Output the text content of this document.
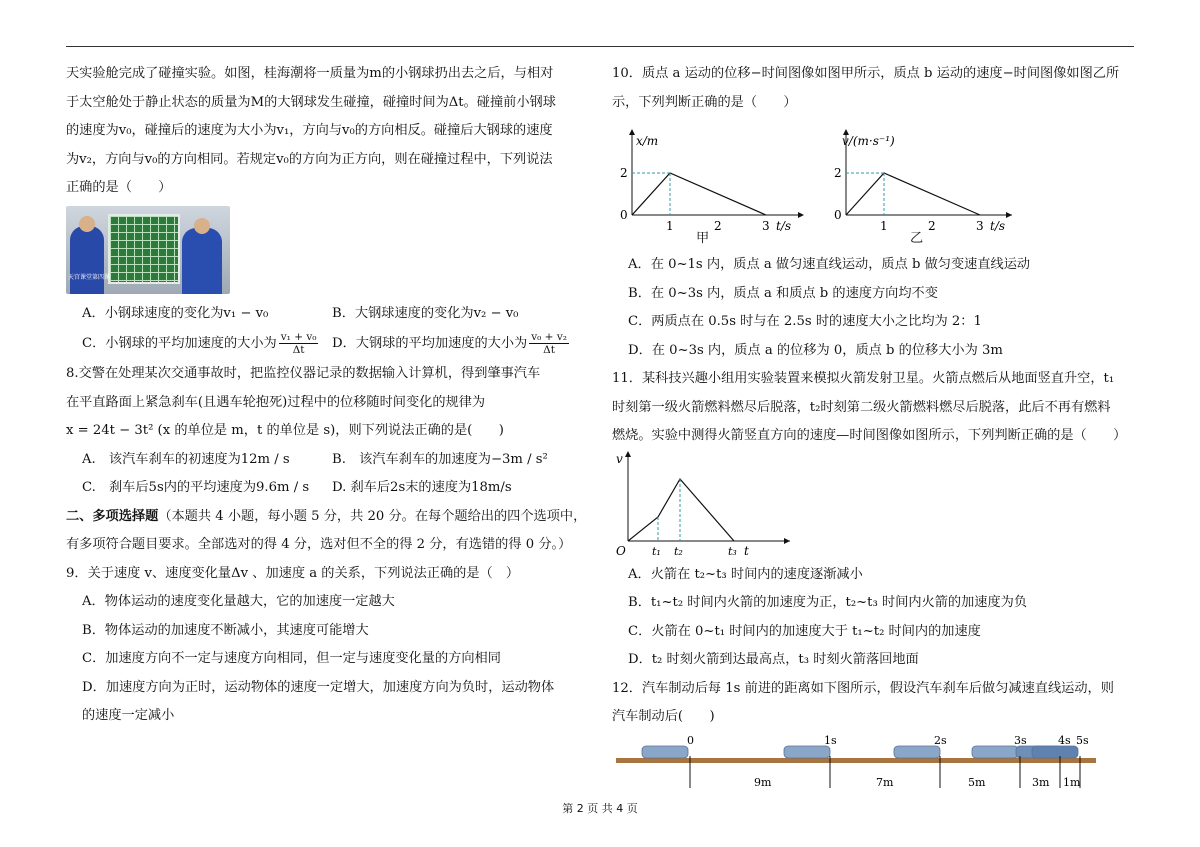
天实验舱完成了碰撞实验。如图，桂海潮将一质量为m的小钢球扔出去之后，与相对

于太空舱处于静止状态的质量为M的大钢球发生碰撞，碰撞时间为Δt。碰撞前小钢球

的速度为v₀，碰撞后的速度为大小为v₁，方向与v₀的方向相反。碰撞后大钢球的速度

为v₂，方向与v₀的方向相同。若规定v₀的方向为正方向，则在碰撞过程中，下列说法

正确的是（　　）

天宫课堂第四课
A．小钢球速度的变化为v₁ − v₀	B．大钢球速度的变化为v₂ − v₀
C．小钢球的平均加速度的大小为 $\frac{\text{v₁ + v₀}}{\Delta t}$ D．大钢球的平均加速度的大小为 $\frac{\text{v₀ + v₂}}{\Delta t}$

8.交警在处理某次交通事故时，把监控仪器记录的数据输入计算机，得到肇事汽车

在平直路面上紧急刹车(且遇车轮抱死)过程中的位移随时间变化的规律为

x = 24t − 3t² (x 的单位是 m，t 的单位是 s)，则下列说法正确的是(　　)

A.　该汽车刹车的初速度为12m / s	B.　该汽车刹车的加速度为−3m / s²
C.　刹车后5s内的平均速度为9.6m / s	D. 刹车后2s末的速度为18m/s

二、多项选择题（本题共 4 小题，每小题 5 分，共 20 分。在每个题给出的四个选项中，

有多项符合题目要求。全部选对的得 4 分，选对但不全的得 2 分，有选错的得 0 分。）

9．关于速度 v、速度变化量Δv 、加速度 a 的关系，下列说法正确的是（　）

A．物体运动的速度变化量越大，它的加速度一定越大

B．物体运动的加速度不断减小，其速度可能增大

C．加速度方向不一定与速度方向相同，但一定与速度变化量的方向相同

D．加速度方向为正时，运动物体的速度一定增大，加速度方向为负时，运动物体

的速度一定减小

10．质点 a 运动的位移−时间图像如图甲所示，质点 b 运动的速度−时间图像如图乙所

示，下列判断正确的是（　　）

x/m
2
0
1	2	3 t/s
v/(m·s⁻¹)
2
0
1	2	3 t/s
甲	乙

A．在 0~1s 内，质点 a 做匀速直线运动，质点 b 做匀变速直线运动

B．在 0~3s 内，质点 a 和质点 b 的速度方向均不变

C．两质点在 0.5s 时与在 2.5s 时的速度大小之比均为 2：1

D．在 0~3s 内，质点 a 的位移为 0，质点 b 的位移大小为 3m

11．某科技兴趣小组用实验装置来模拟火箭发射卫星。火箭点燃后从地面竖直升空，t₁

时刻第一级火箭燃料燃尽后脱落，t₂时刻第二级火箭燃料燃尽后脱落，此后不再有燃料

燃烧。实验中测得火箭竖直方向的速度—时间图像如图所示，下列判断正确的是（　　）

v
O t₁ t₂	t₃ t

A．火箭在 t₂~t₃ 时间内的速度逐渐减小

B．t₁~t₂ 时间内火箭的加速度为正，t₂~t₃ 时间内火箭的加速度为负

C．火箭在 0~t₁ 时间内的加速度大于 t₁~t₂ 时间内的加速度

D．t₂ 时刻火箭到达最高点，t₃ 时刻火箭落回地面

12．汽车制动后每 1s 前进的距离如下图所示，假设汽车刹车后做匀减速直线运动，则

汽车制动后(　　)

0	1s	2s	3s	4s 5s
9m	7m	5m	3m 1m
第 2 页 共 4 页
